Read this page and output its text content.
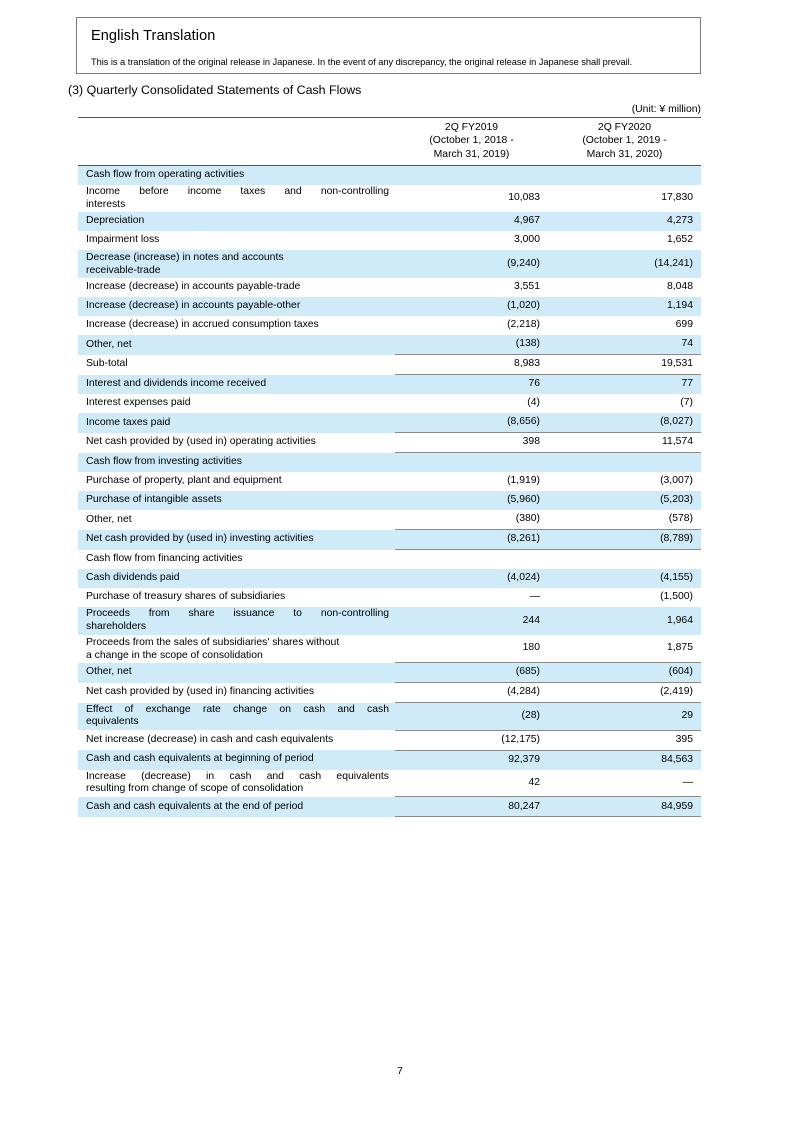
English Translation
This is a translation of the original release in Japanese. In the event of any discrepancy, the original release in Japanese shall prevail.
(3) Quarterly Consolidated Statements of Cash Flows
(Unit: ¥ million)

	2Q FY2019
(October 1, 2018 -
March 31, 2019)	2Q FY2020
(October 1, 2019 -
March 31, 2020)

Cash flow from operating activities		

Income before income taxes and non-controlling
interests	10,083	17,830
Depreciation	4,967	4,273
Impairment loss	3,000	1,652

Decrease (increase) in notes and accounts
receivable-trade	(9,240)	(14,241)
Increase (decrease) in accounts payable-trade	3,551	8,048
Increase (decrease) in accounts payable-other	(1,020)	1,194
Increase (decrease) in accrued consumption taxes	(2,218)	699
Other, net	(138)	74
Sub-total	8,983	19,531
Interest and dividends income received	76	77
Interest expenses paid	(4)	(7)
Income taxes paid	(8,656)	(8,027)
Net cash provided by (used in) operating activities	398	11,574
Cash flow from investing activities		
Purchase of property, plant and equipment	(1,919)	(3,007)
Purchase of intangible assets	(5,960)	(5,203)
Other, net	(380)	(578)
Net cash provided by (used in) investing activities	(8,261)	(8,789)
Cash flow from financing activities		
Cash dividends paid	(4,024)	(4,155)
Purchase of treasury shares of subsidiaries	—	(1,500)

Proceeds from share issuance to non-controlling
shareholders	244	1,964

Proceeds from the sales of subsidiaries' shares without
a change in the scope of consolidation	180	1,875
Other, net	(685)	(604)
Net cash provided by (used in) financing activities	(4,284)	(2,419)

Effect of exchange rate change on cash and cash
equivalents	(28)	29
Net increase (decrease) in cash and cash equivalents	(12,175)	395
Cash and cash equivalents at beginning of period	92,379	84,563

Increase (decrease) in cash and cash equivalents
resulting from change of scope of consolidation	42	—
Cash and cash equivalents at the end of period	80,247	84,959
7
